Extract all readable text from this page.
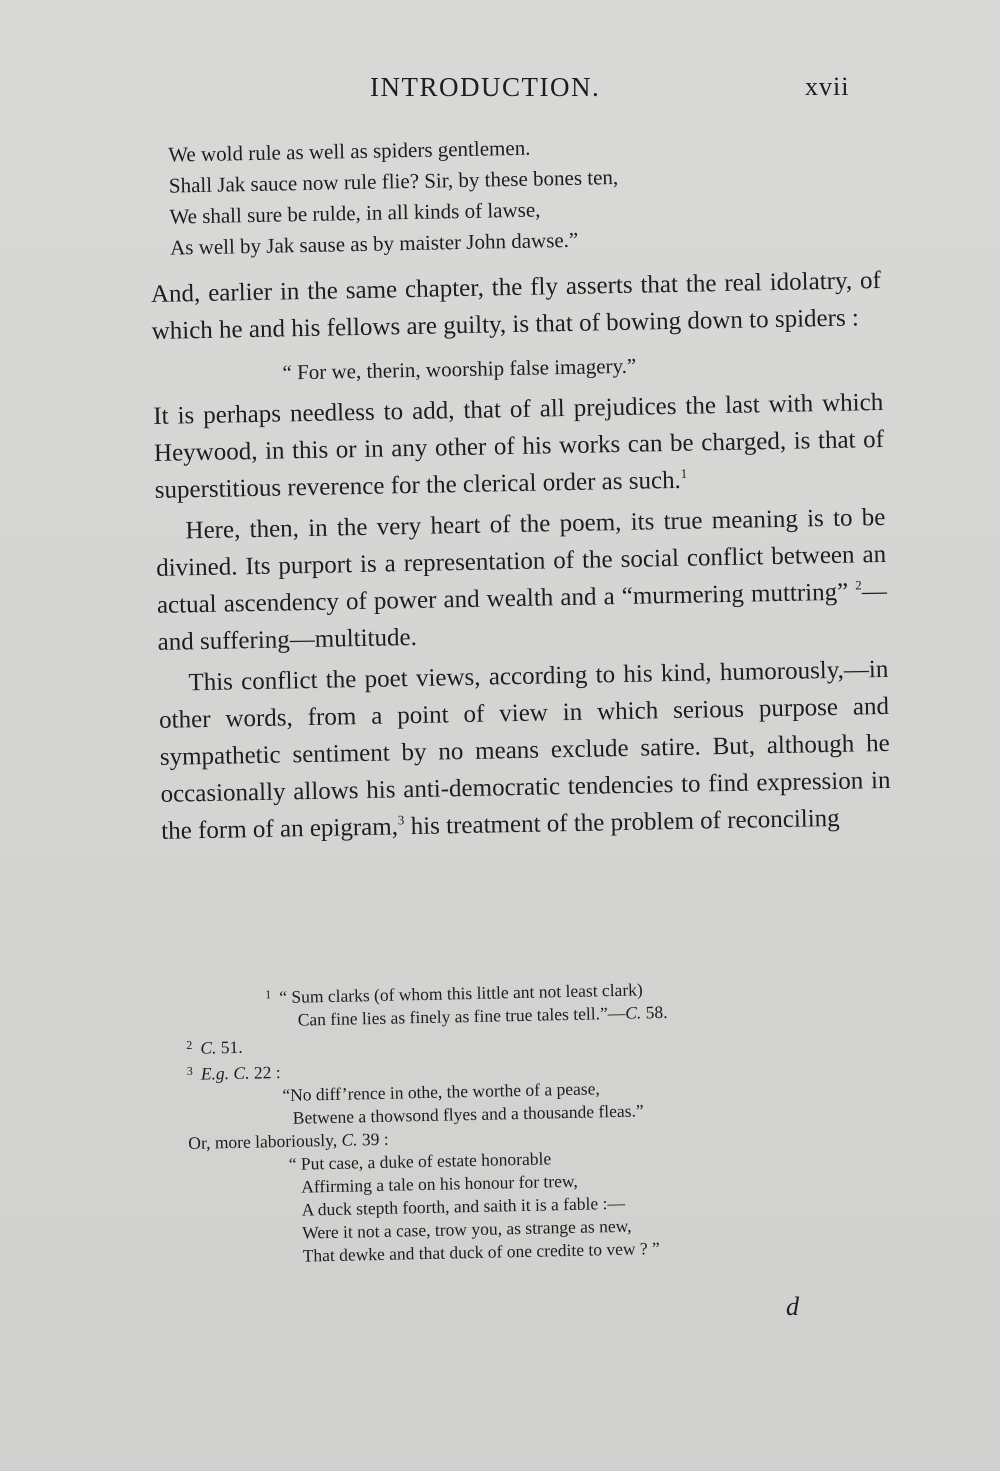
INTRODUCTION.	xvii

We wold rule as well as spiders gentlemen.

Shall Jak sauce now rule flie? Sir, by these bones ten,

We shall sure be rulde, in all kinds of lawse,

As well by Jak sause as by maister John dawse.”

And, earlier in the same chapter, the fly asserts that the real idolatry, of which he and his fellows are guilty, is that of bowing down to spiders :

“ For we, therin, woorship false imagery.”

It is perhaps needless to add, that of all prejudices the last with which Heywood, in this or in any other of his works can be charged, is that of superstitious reverence for the clerical order as such.$^1$

Here, then, in the very heart of the poem, its true meaning is to be divined. Its purport is a representation of the social conflict between an actual ascendency of power and wealth and a “murmering muttring” $^2$—and suffering—multitude.

This conflict the poet views, according to his kind, humorously,—in other words, from a point of view in which serious purpose and sympathetic sentiment by no means exclude satire. But, although he occasionally allows his anti-democratic tendencies to find expression in the form of an epigram,$^3$ his treatment of the problem of reconciling

$^1$ “ Sum clarks (of whom this little ant not least clark)

Can fine lies as finely as fine true tales tell.”—C. 58.

$^2$ C. 51.

$^3$ E.g. C. 22 :

“No diff’rence in othe, the worthe of a pease,

Betwene a thowsond flyes and a thousande fleas.”

Or, more laboriously, C. 39 :

“ Put case, a duke of estate honorable

Affirming a tale on his honour for trew,

A duck stepth foorth, and saith it is a fable :—

Were it not a case, trow you, as strange as new,

That dewke and that duck of one credite to vew ? ”

d
